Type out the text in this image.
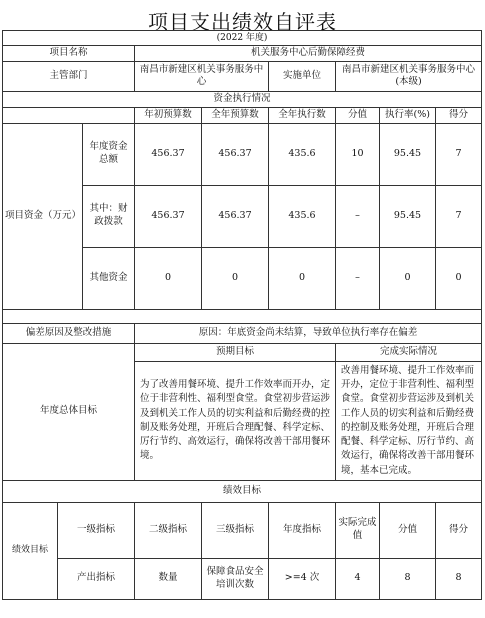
项目支出绩效自评表
(2022 年度)								
项目名称			机关服务中心后勤保障经费					
主管部门			南昌市新建区机关事务服务中心		实施单位	南昌市新建区机关事务服务中心(本级)		
资金执行情况								
			年初预算数	全年预算数	全年执行数	分值	执行率(%)	得分
项目资金（万元）		年度资金总额	456.37	456.37	435.6	10	95.45	7
		其中：财政拨款	456.37	456.37	435.6	–	95.45	7
		其他资金	0	0	0	–	0	0

偏差原因及整改措施			原因：年底资金尚未结算，导致单位执行率存在偏差					
年度总体目标			预期目标			完成实际情况		
			为了改善用餐环境、提升工作效率而开办，定位于非营利性、福利型食堂。食堂初步营运涉及到机关工作人员的切实利益和后勤经费的控制及账务处理，开班后合理配餐、科学定标、厉行节约、高效运行，确保将改善干部用餐环境。			改善用餐环境、提升工作效率而开办，定位于非营利性、福利型食堂。食堂初步营运涉及到机关工作人员的切实利益和后勤经费的控制及账务处理，开班后合理配餐、科学定标、厉行节约、高效运行，确保将改善干部用餐环境，基本已完成。		
绩效目标								
绩效目标	一级指标		二级指标	三级指标	年度指标	实际完成值	分值	得分
	产出指标		数量	保障食品安全培训次数	>=4 次	4	8	8
